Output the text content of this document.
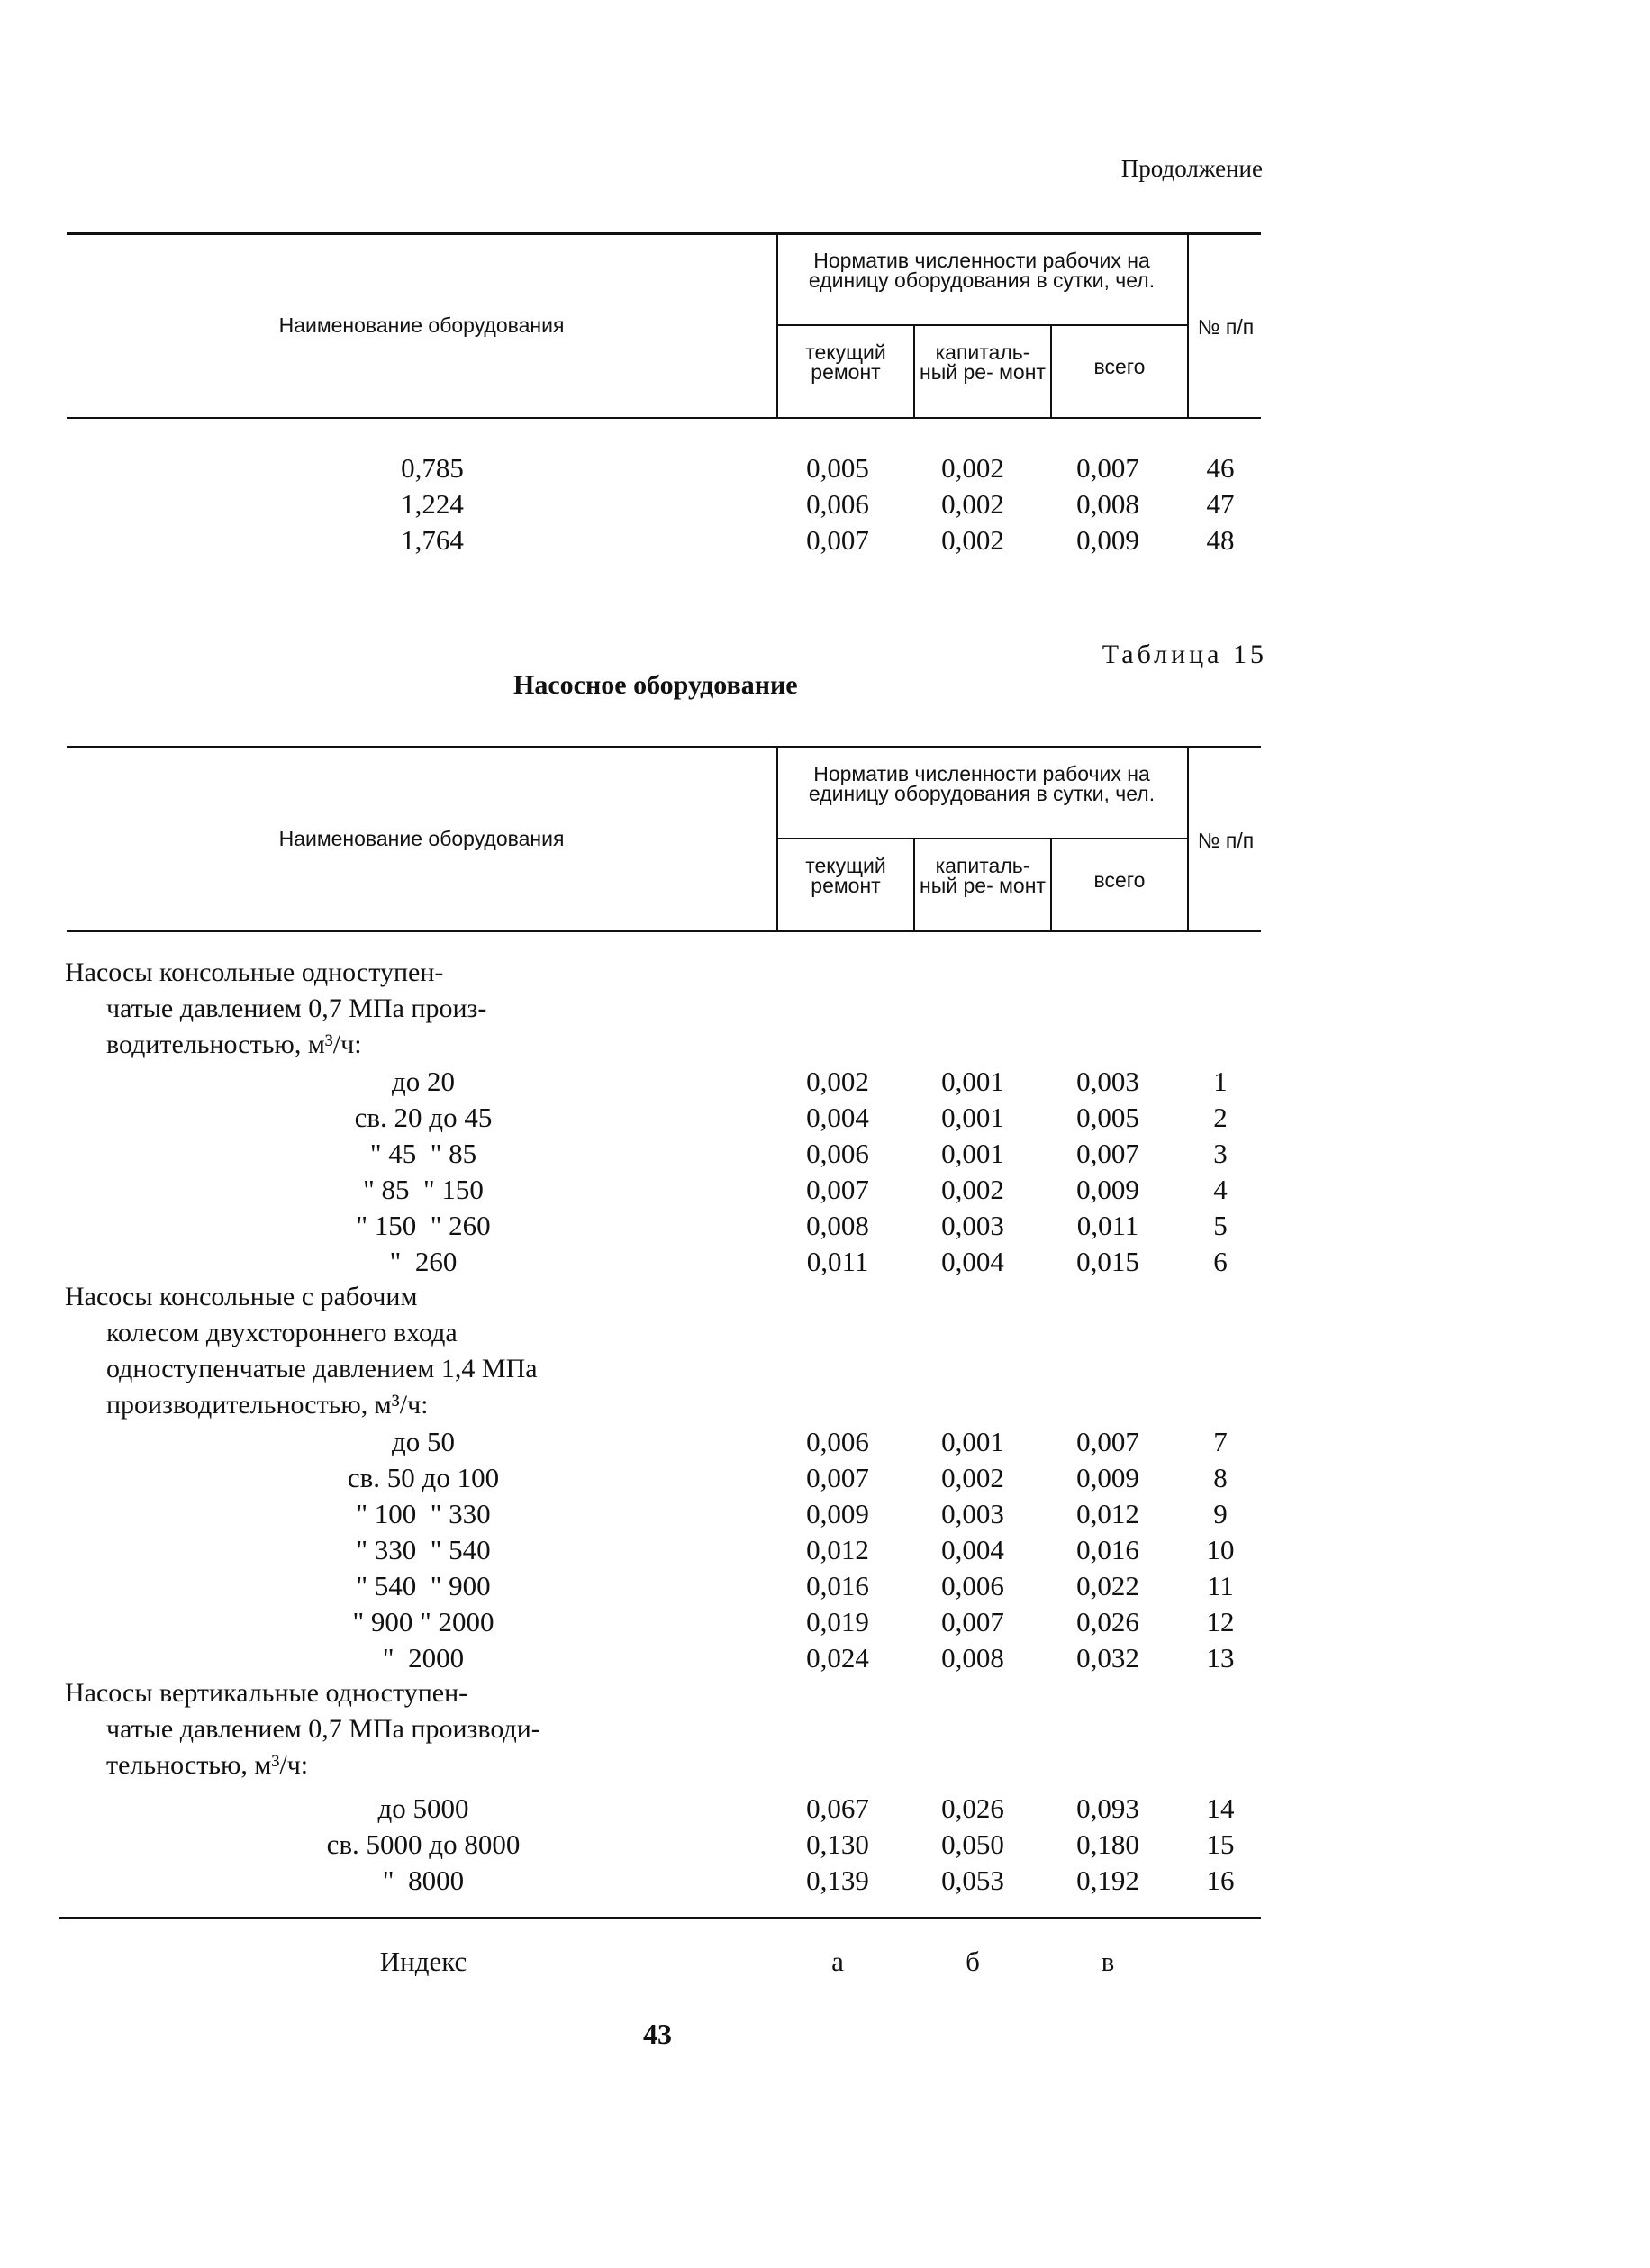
Продолжение
Наименование оборудования
Норматив численности рабочих на единицу оборудования в сутки, чел.
текущий ремонт
капиталь- ный ре- монт	всего
№ п/п
0,785	0,005	0,002	0,007	46
1,224	0,006	0,002	0,008	47
1,764	0,007	0,002	0,009	48
Таблица 15
Насосное оборудование
Наименование оборудования
Норматив численности рабочих на единицу оборудования в сутки, чел.
текущий ремонт
капиталь- ный ре- монт	всего
№ п/п
Насосы консольные одноступен-
чатые давлением 0,7 МПа произ-
водительностью, м³/ч:
до 20	0,002	0,001	0,003	1
св. 20 до 45	0,004	0,001	0,005	2
" 45  " 85	0,006	0,001	0,007	3
" 85  " 150	0,007	0,002	0,009	4
" 150  " 260	0,008	0,003	0,011	5
"  260	0,011	0,004	0,015	6
Насосы консольные с рабочим
колесом двухстороннего входа
одноступенчатые давлением 1,4 МПа
производительностью, м³/ч:
до 50	0,006	0,001	0,007	7
св. 50 до 100	0,007	0,002	0,009	8
" 100  " 330	0,009	0,003	0,012	9
" 330  " 540	0,012	0,004	0,016	10
" 540  " 900	0,016	0,006	0,022	11
" 900 " 2000	0,019	0,007	0,026	12
"  2000	0,024	0,008	0,032	13
Насосы вертикальные одноступен-
чатые давлением 0,7 МПа производи-
тельностью, м³/ч:
до 5000	0,067	0,026	0,093	14
св. 5000 до 8000	0,130	0,050	0,180	15
"  8000	0,139	0,053	0,192	16
Индекс	а	б	в
43
